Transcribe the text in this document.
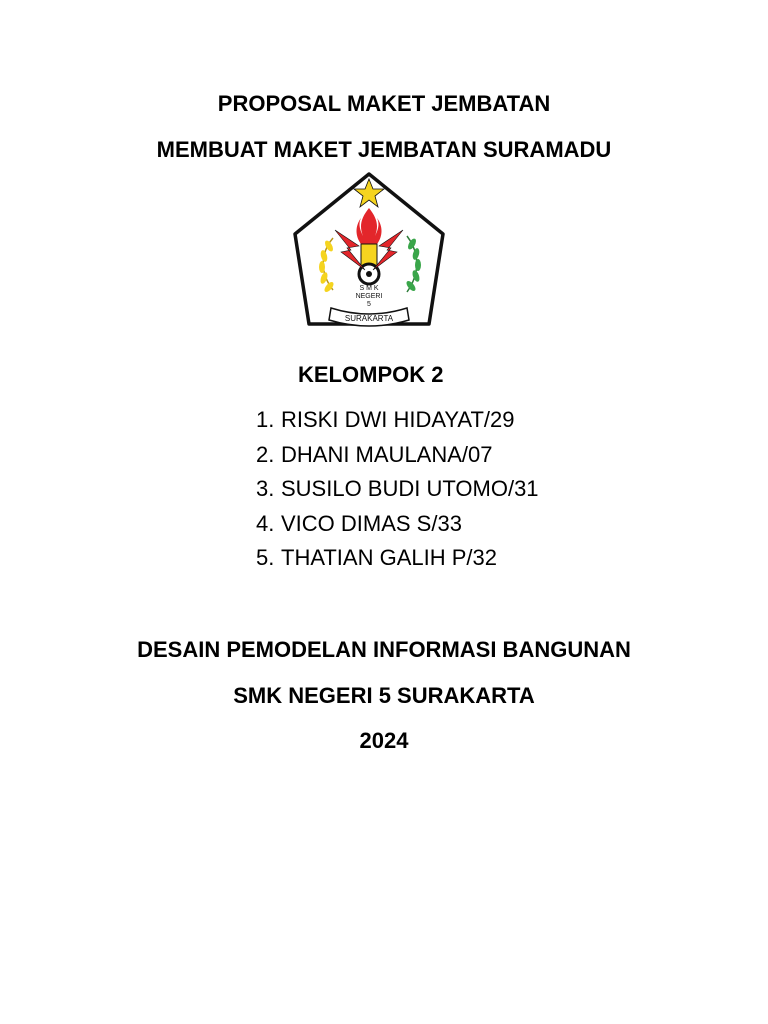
PROPOSAL MAKET JEMBATAN
MEMBUAT MAKET JEMBATAN SURAMADU
S M K
NEGERI
5
SURAKARTA
KELOMPOK 2
1. RISKI DWI HIDAYAT/29
2. DHANI MAULANA/07
3. SUSILO BUDI UTOMO/31
4. VICO DIMAS S/33
5. THATIAN GALIH P/32
DESAIN PEMODELAN INFORMASI BANGUNAN
SMK NEGERI 5 SURAKARTA
2024
